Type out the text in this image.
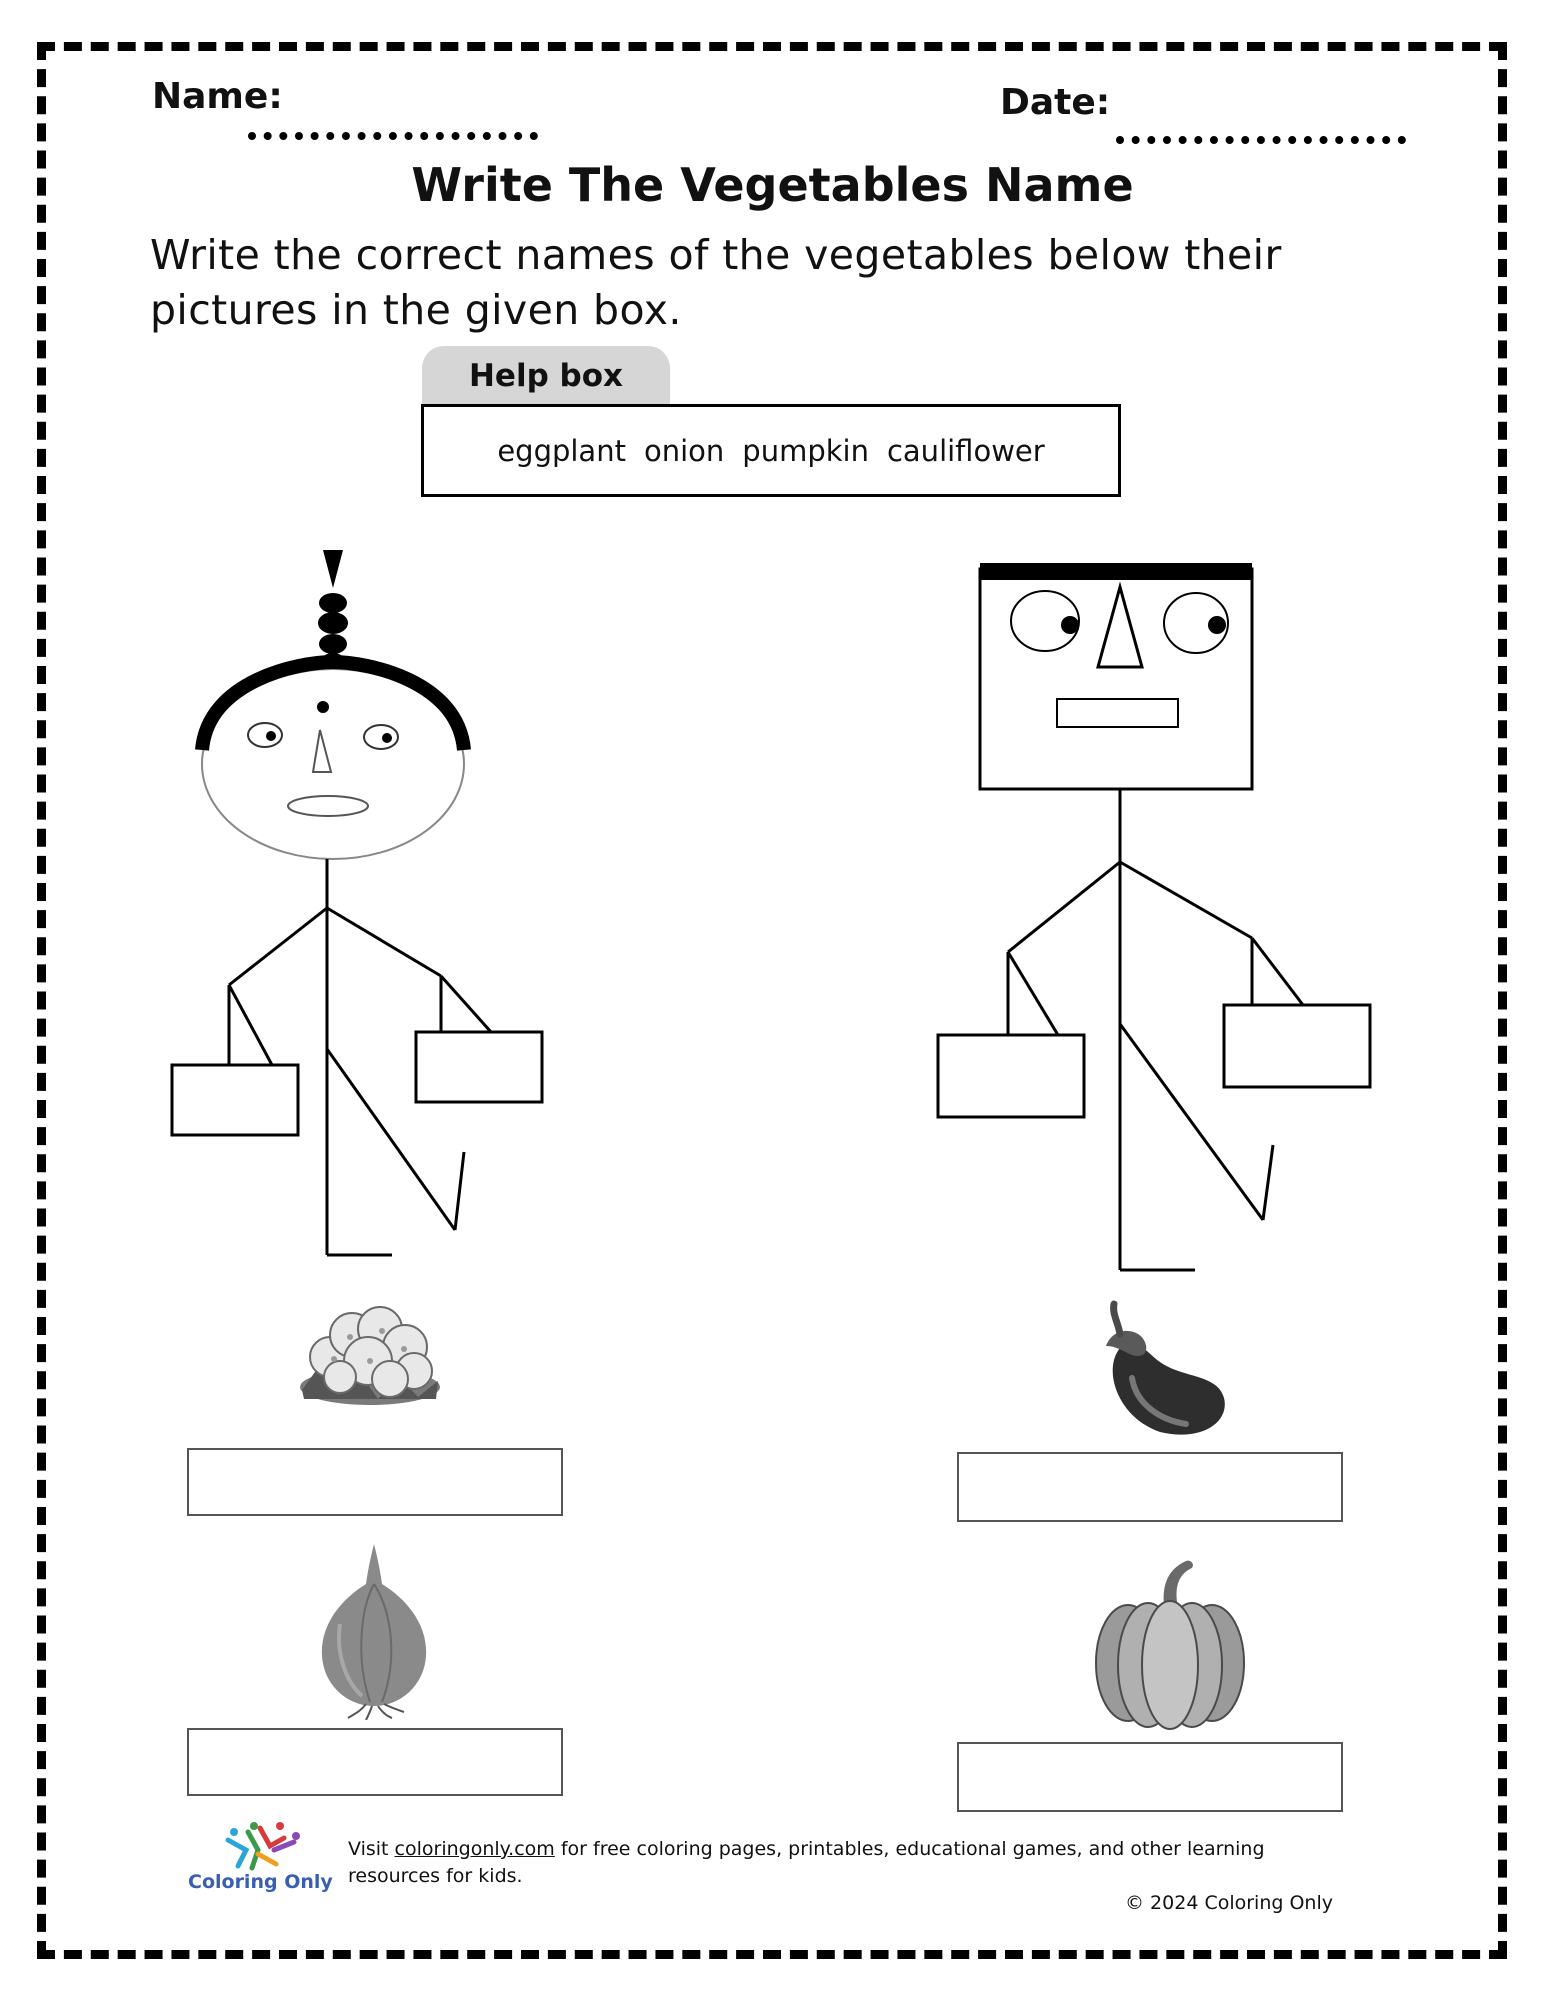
Name:	Date:
Write The Vegetables Name
Write the correct names of the vegetables below their pictures in the given box.
Help box
eggplant onion pumpkin cauliflower
Coloring Only
Visit coloringonly.com for free coloring pages, printables, educational games, and other learning resources for kids.
© 2024 Coloring Only
